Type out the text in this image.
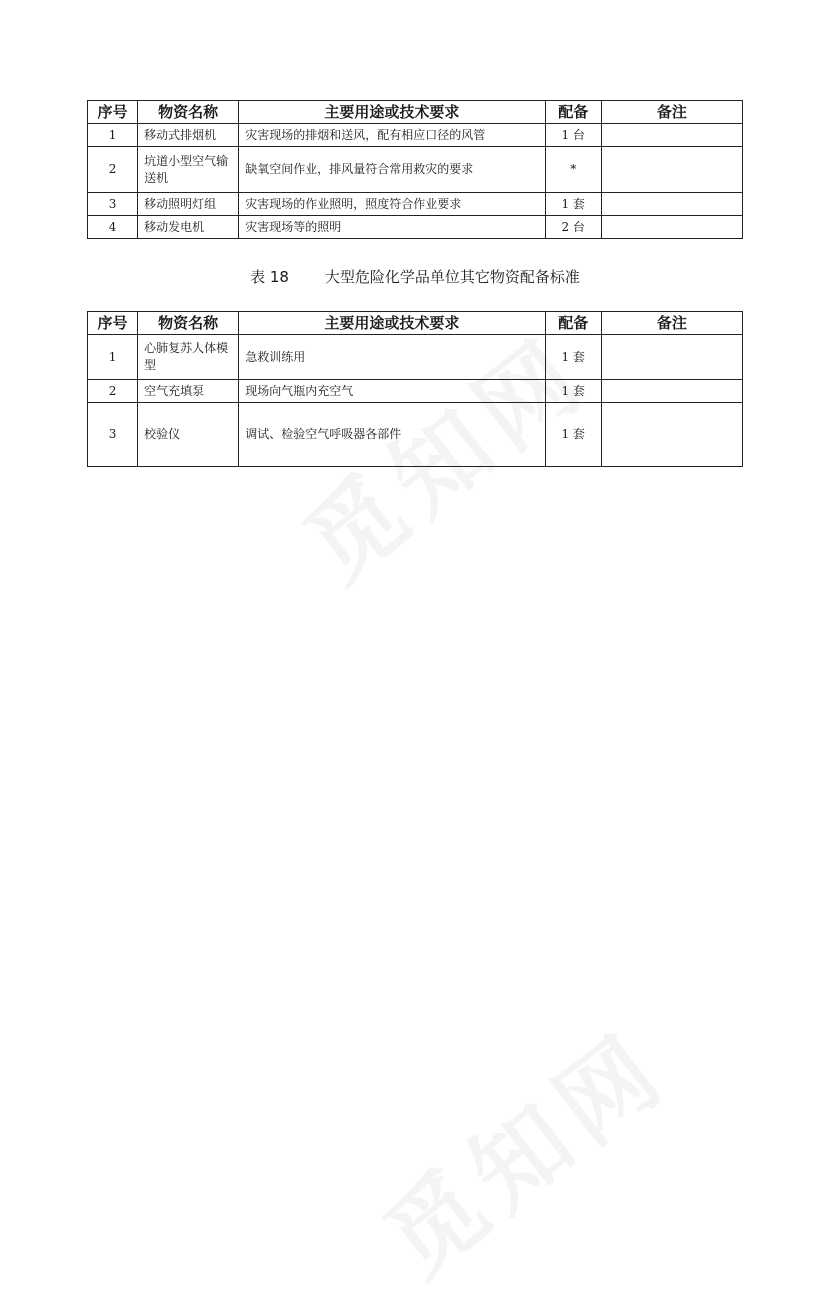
序号	物资名称	主要用途或技术要求	配备	备注
1	移动式排烟机	灾害现场的排烟和送风，配有相应口径的风管	1 台	
2	坑道小型空气输送机	缺氧空间作业，排风量符合常用救灾的要求	*	
3	移动照明灯组	灾害现场的作业照明，照度符合作业要求	1 套	
4	移动发电机	灾害现场等的照明	2 台	
表 18 大型危险化学品单位其它物资配备标准
序号	物资名称	主要用途或技术要求	配备	备注
1	心肺复苏人体模型	急救训练用	1 套	
2	空气充填泵	现场向气瓶内充空气	1 套	
3	校验仪	调试、检验空气呼吸器各部件	1 套	
